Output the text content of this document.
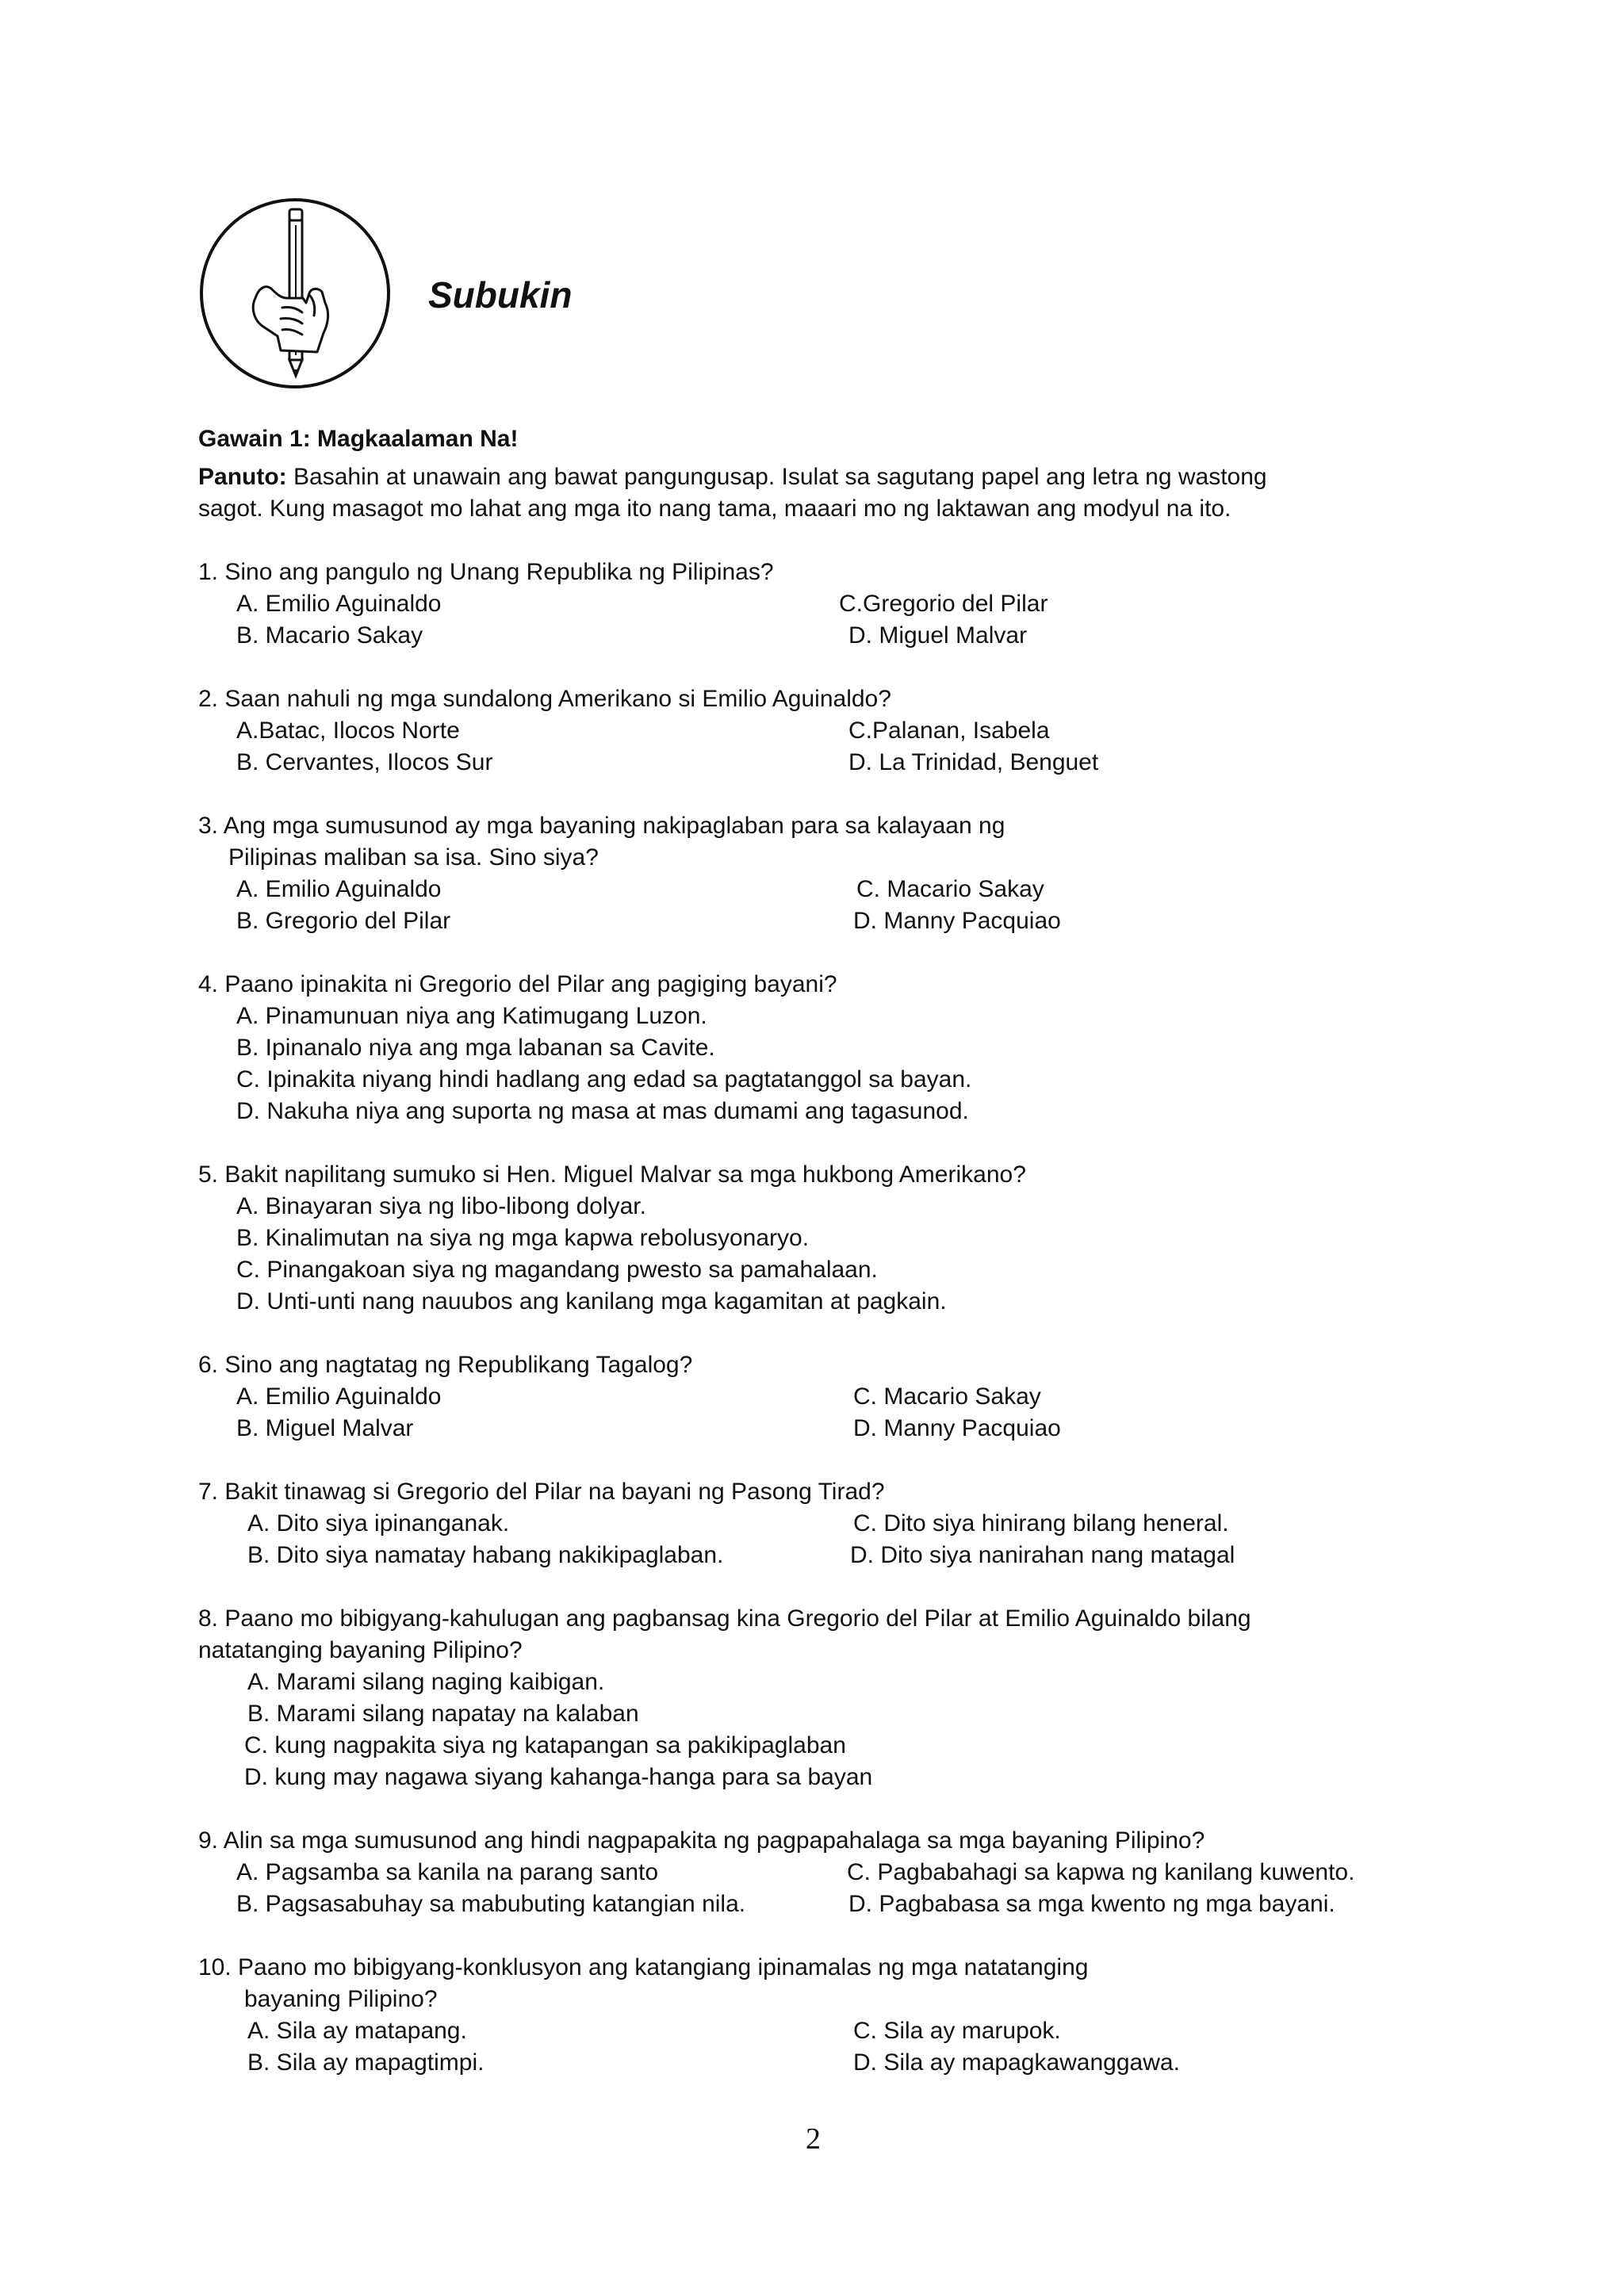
Subukin
Gawain 1: Magkaalaman Na!
Panuto: Basahin at unawain ang bawat pangungusap. Isulat sa sagutang papel ang letra ng wastong
sagot. Kung masagot mo lahat ang mga ito nang tama, maaari mo ng laktawan ang modyul na ito.
1. Sino ang pangulo ng Unang Republika ng Pilipinas?
A. Emilio Aguinaldo	C.Gregorio del Pilar
B. Macario Sakay	D. Miguel Malvar
2. Saan nahuli ng mga sundalong Amerikano si Emilio Aguinaldo?
A.Batac, Ilocos Norte	C.Palanan, Isabela
B. Cervantes, Ilocos Sur	D. La Trinidad, Benguet
3. Ang mga sumusunod ay mga bayaning nakipaglaban para sa kalayaan ng
Pilipinas maliban sa isa. Sino siya?
A. Emilio Aguinaldo	C. Macario Sakay
B. Gregorio del Pilar	D. Manny Pacquiao
4. Paano ipinakita ni Gregorio del Pilar ang pagiging bayani?
A. Pinamunuan niya ang Katimugang Luzon.
B. Ipinanalo niya ang mga labanan sa Cavite.
C. Ipinakita niyang hindi hadlang ang edad sa pagtatanggol sa bayan.
D. Nakuha niya ang suporta ng masa at mas dumami ang tagasunod.
5. Bakit napilitang sumuko si Hen. Miguel Malvar sa mga hukbong Amerikano?
A. Binayaran siya ng libo-libong dolyar.
B. Kinalimutan na siya ng mga kapwa rebolusyonaryo.
C. Pinangakoan siya ng magandang pwesto sa pamahalaan.
D. Unti-unti nang nauubos ang kanilang mga kagamitan at pagkain.
6. Sino ang nagtatag ng Republikang Tagalog?
A. Emilio Aguinaldo	C. Macario Sakay
B. Miguel Malvar	D. Manny Pacquiao
7. Bakit tinawag si Gregorio del Pilar na bayani ng Pasong Tirad?
A. Dito siya ipinanganak.	C. Dito siya hinirang bilang heneral.
B. Dito siya namatay habang nakikipaglaban.	D. Dito siya nanirahan nang matagal
8. Paano mo bibigyang-kahulugan ang pagbansag kina Gregorio del Pilar at Emilio Aguinaldo bilang
natatanging bayaning Pilipino?
A. Marami silang naging kaibigan.
B. Marami silang napatay na kalaban
C. kung nagpakita siya ng katapangan sa pakikipaglaban
D. kung may nagawa siyang kahanga-hanga para sa bayan
9. Alin sa mga sumusunod ang hindi nagpapakita ng pagpapahalaga sa mga bayaning Pilipino?
A. Pagsamba sa kanila na parang santo	C. Pagbabahagi sa kapwa ng kanilang kuwento.
B. Pagsasabuhay sa mabubuting katangian nila.	D. Pagbabasa sa mga kwento ng mga bayani.
10. Paano mo bibigyang-konklusyon ang katangiang ipinamalas ng mga natatanging
bayaning Pilipino?
A. Sila ay matapang.	C. Sila ay marupok.
B. Sila ay mapagtimpi.	D. Sila ay mapagkawanggawa.
2
